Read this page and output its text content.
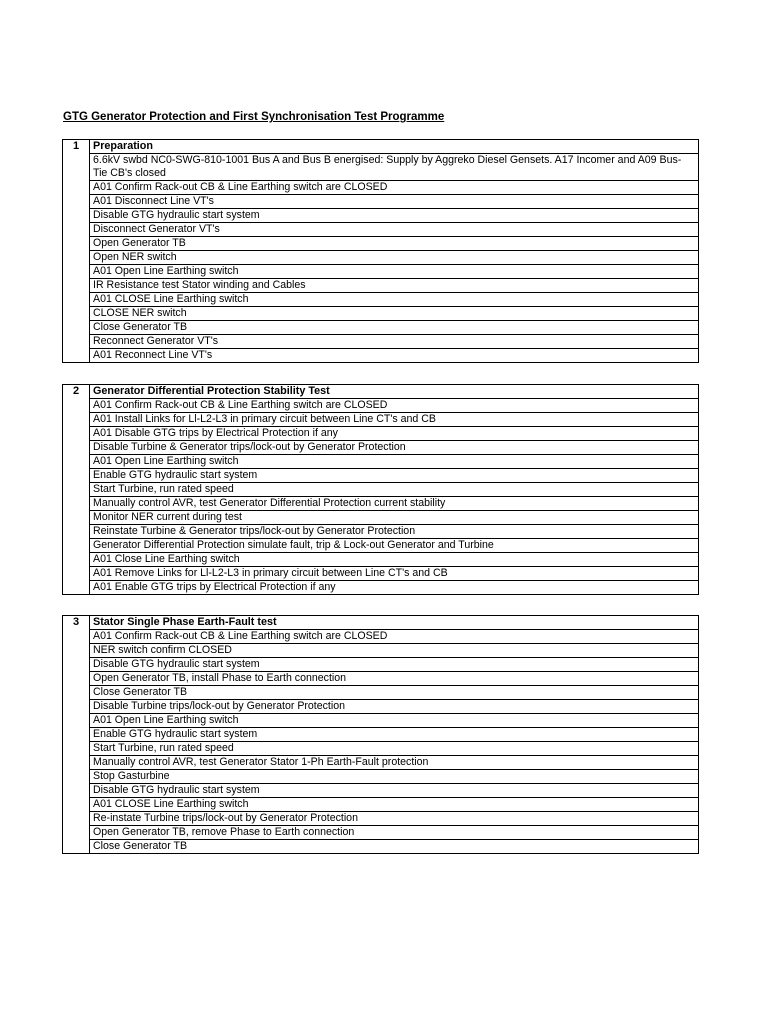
GTG Generator Protection and First Synchronisation Test Programme
1	Preparation
	6.6kV swbd NC0-SWG-810-1001 Bus A and Bus B energised: Supply by Aggreko Diesel Gensets. A17 Incomer and A09 Bus-Tie CB's closed
	A01 Confirm Rack-out CB & Line Earthing switch are CLOSED
	A01 Disconnect Line VT's
	Disable GTG hydraulic start system
	Disconnect Generator VT's
	Open Generator TB
	Open NER switch
	A01 Open Line Earthing switch
	IR Resistance test Stator winding and Cables
	A01 CLOSE Line Earthing switch
	CLOSE NER switch
	Close Generator TB
	Reconnect Generator VT's
	A01 Reconnect Line VT's
2	Generator Differential Protection Stability Test
	A01 Confirm Rack-out CB & Line Earthing switch are CLOSED
	A01 Install Links for Ll-L2-L3 in primary circuit between Line CT's and CB
	A01 Disable GTG trips by Electrical Protection if any
	Disable Turbine & Generator trips/lock-out by Generator Protection
	A01 Open Line Earthing switch
	Enable GTG hydraulic start system
	Start Turbine, run rated speed
	Manually control AVR, test Generator Differential Protection current stability
	Monitor NER current during test
	Reinstate Turbine & Generator trips/lock-out by Generator Protection
	Generator Differential Protection simulate fault, trip & Lock-out Generator and Turbine
	A01 Close Line Earthing switch
	A01 Remove Links for Ll-L2-L3 in primary circuit between Line CT's and CB
	A01 Enable GTG trips by Electrical Protection if any
3	Stator Single Phase Earth-Fault test
	A01 Confirm Rack-out CB & Line Earthing switch are CLOSED
	NER switch confirm CLOSED
	Disable GTG hydraulic start system
	Open Generator TB, install Phase to Earth connection
	Close Generator TB
	Disable Turbine trips/lock-out by Generator Protection
	A01 Open Line Earthing switch
	Enable GTG hydraulic start system
	Start Turbine, run rated speed
	Manually control AVR, test Generator Stator 1-Ph Earth-Fault protection
	Stop Gasturbine
	Disable GTG hydraulic start system
	A01 CLOSE Line Earthing switch
	Re-instate Turbine trips/lock-out by Generator Protection
	Open Generator TB, remove Phase to Earth connection
	Close Generator TB
